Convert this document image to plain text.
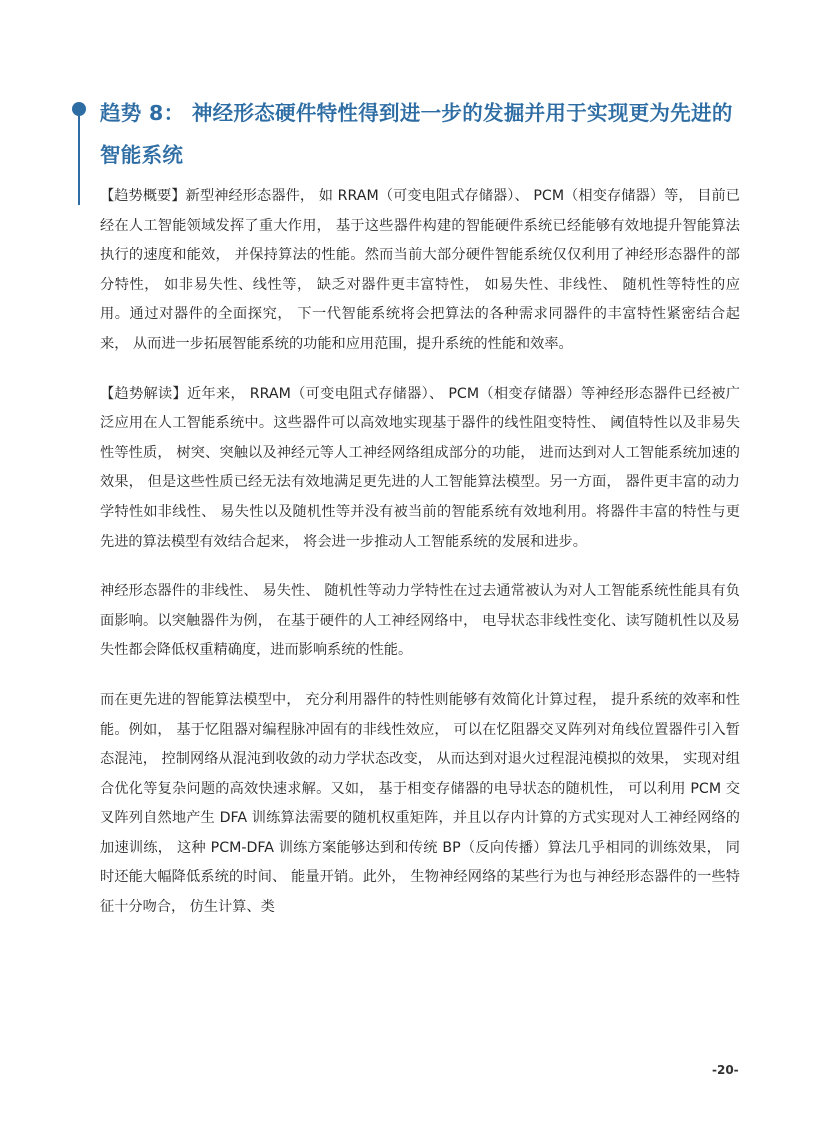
趋势 8： 神经形态硬件特性得到进一步的发掘并用于实现更为先进的
智能系统

【趋势概要】新型神经形态器件， 如 RRAM（可变电阻式存储器）、 PCM（相变存储器）等， 目前已经在人工智能领域发挥了重大作用， 基于这些器件构建的智能硬件系统已经能够有效地提升智能算法执行的速度和能效， 并保持算法的性能。然而当前大部分硬件智能系统仅仅利用了神经形态器件的部分特性， 如非易失性、线性等， 缺乏对器件更丰富特性， 如易失性、非线性、 随机性等特性的应用。通过对器件的全面探究， 下一代智能系统将会把算法的各种需求同器件的丰富特性紧密结合起来， 从而进一步拓展智能系统的功能和应用范围，提升系统的性能和效率。

【趋势解读】近年来， RRAM（可变电阻式存储器）、 PCM（相变存储器）等神经形态器件已经被广泛应用在人工智能系统中。这些器件可以高效地实现基于器件的线性阻变特性、 阈值特性以及非易失性等性质， 树突、突触以及神经元等人工神经网络组成部分的功能， 进而达到对人工智能系统加速的效果， 但是这些性质已经无法有效地满足更先进的人工智能算法模型。另一方面， 器件更丰富的动力学特性如非线性、 易失性以及随机性等并没有被当前的智能系统有效地利用。将器件丰富的特性与更先进的算法模型有效结合起来， 将会进一步推动人工智能系统的发展和进步。

神经形态器件的非线性、 易失性、 随机性等动力学特性在过去通常被认为对人工智能系统性能具有负面影响。以突触器件为例， 在基于硬件的人工神经网络中， 电导状态非线性变化、读写随机性以及易失性都会降低权重精确度，进而影响系统的性能。

而在更先进的智能算法模型中， 充分利用器件的特性则能够有效简化计算过程， 提升系统的效率和性能。例如， 基于忆阻器对编程脉冲固有的非线性效应， 可以在忆阻器交叉阵列对角线位置器件引入暂态混沌， 控制网络从混沌到收敛的动力学状态改变， 从而达到对退火过程混沌模拟的效果， 实现对组合优化等复杂问题的高效快速求解。又如， 基于相变存储器的电导状态的随机性， 可以利用 PCM 交叉阵列自然地产生 DFA 训练算法需要的随机权重矩阵，并且以存内计算的方式实现对人工神经网络的加速训练， 这种 PCM-DFA 训练方案能够达到和传统 BP（反向传播）算法几乎相同的训练效果， 同时还能大幅降低系统的时间、 能量开销。此外， 生物神经网络的某些行为也与神经形态器件的一些特征十分吻合， 仿生计算、类

-20-
